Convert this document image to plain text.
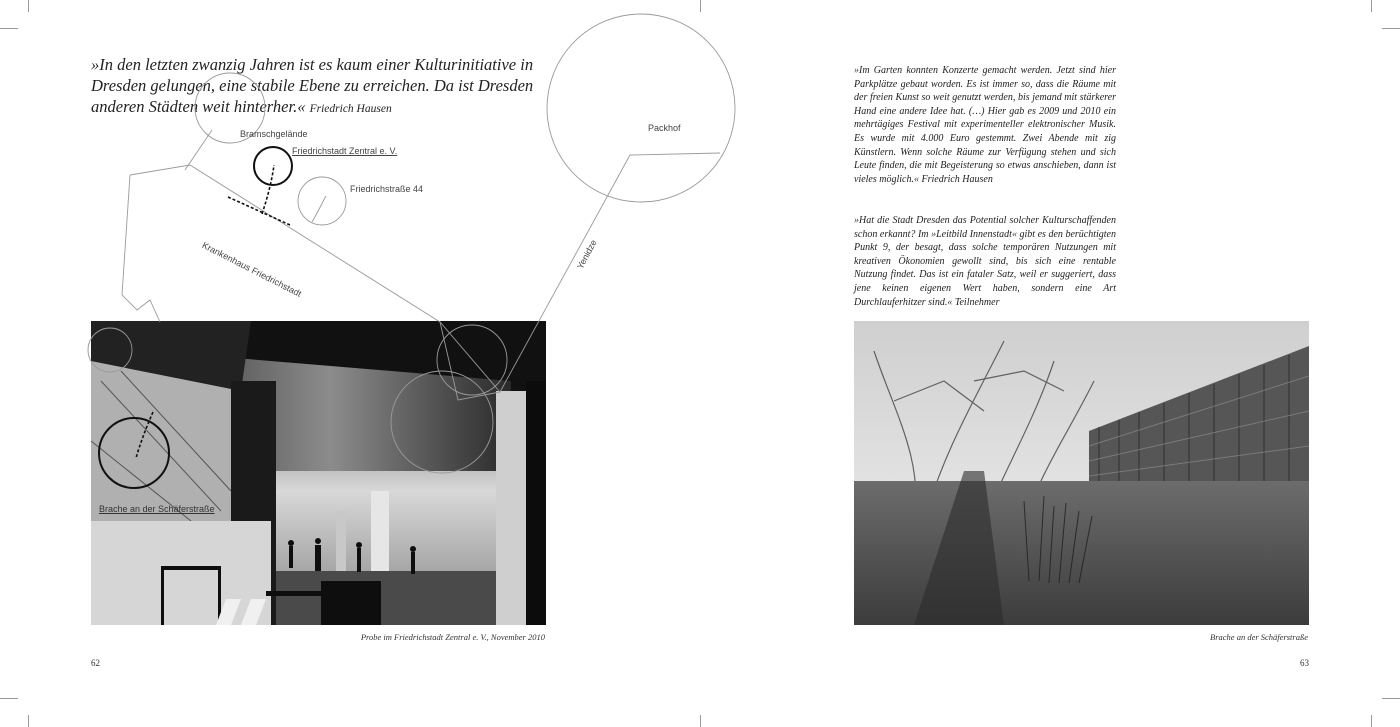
»In den letzten zwanzig Jahren ist es kaum einer Kulturinitiative in Dresden gelungen, eine stabile Ebene zu erreichen. Da ist Dresden anderen Städten weit hinterher.« Friedrich Hausen
Probe im Friedrichstadt Zentral e. V., November 2010
62	63

»Im Garten konnten Konzerte gemacht werden. Jetzt sind hier Parkplätze gebaut worden. Es ist immer so, dass die Räume mit der freien Kunst so weit genutzt werden, bis jemand mit stärkerer Hand eine andere Idee hat. (…) Hier gab es 2009 und 2010 ein mehrtägiges Festival mit experimenteller elektronischer Musik. Es wurde mit 4.000 Euro gestemmt. Zwei Abende mit zig Künstlern. Wenn solche Räume zur Verfügung stehen und sich Leute finden, die mit Begeisterung so etwas anschieben, dann ist vieles möglich.« Friedrich Hausen

»Hat die Stadt Dresden das Potential solcher Kulturschaffenden schon erkannt? Im »Leitbild Innenstadt« gibt es den berüchtigten Punkt 9, der besagt, dass solche temporären Nutzungen mit kreativen Ökonomien gewollt sind, bis sich eine rentable Nutzung findet. Das ist ein fataler Satz, weil er suggeriert, dass jene keinen eigenen Wert haben, sondern eine Art Durchlauferhitzer sind.« Teilnehmer

Brache an der Schäferstraße
Bramschgelände
Friedrichstadt Zentral e. V.
Friedrichstraße 44
Krankenhaus Friedrichstadt
Packhof
Yenidze
Brache an der Schäferstraße
